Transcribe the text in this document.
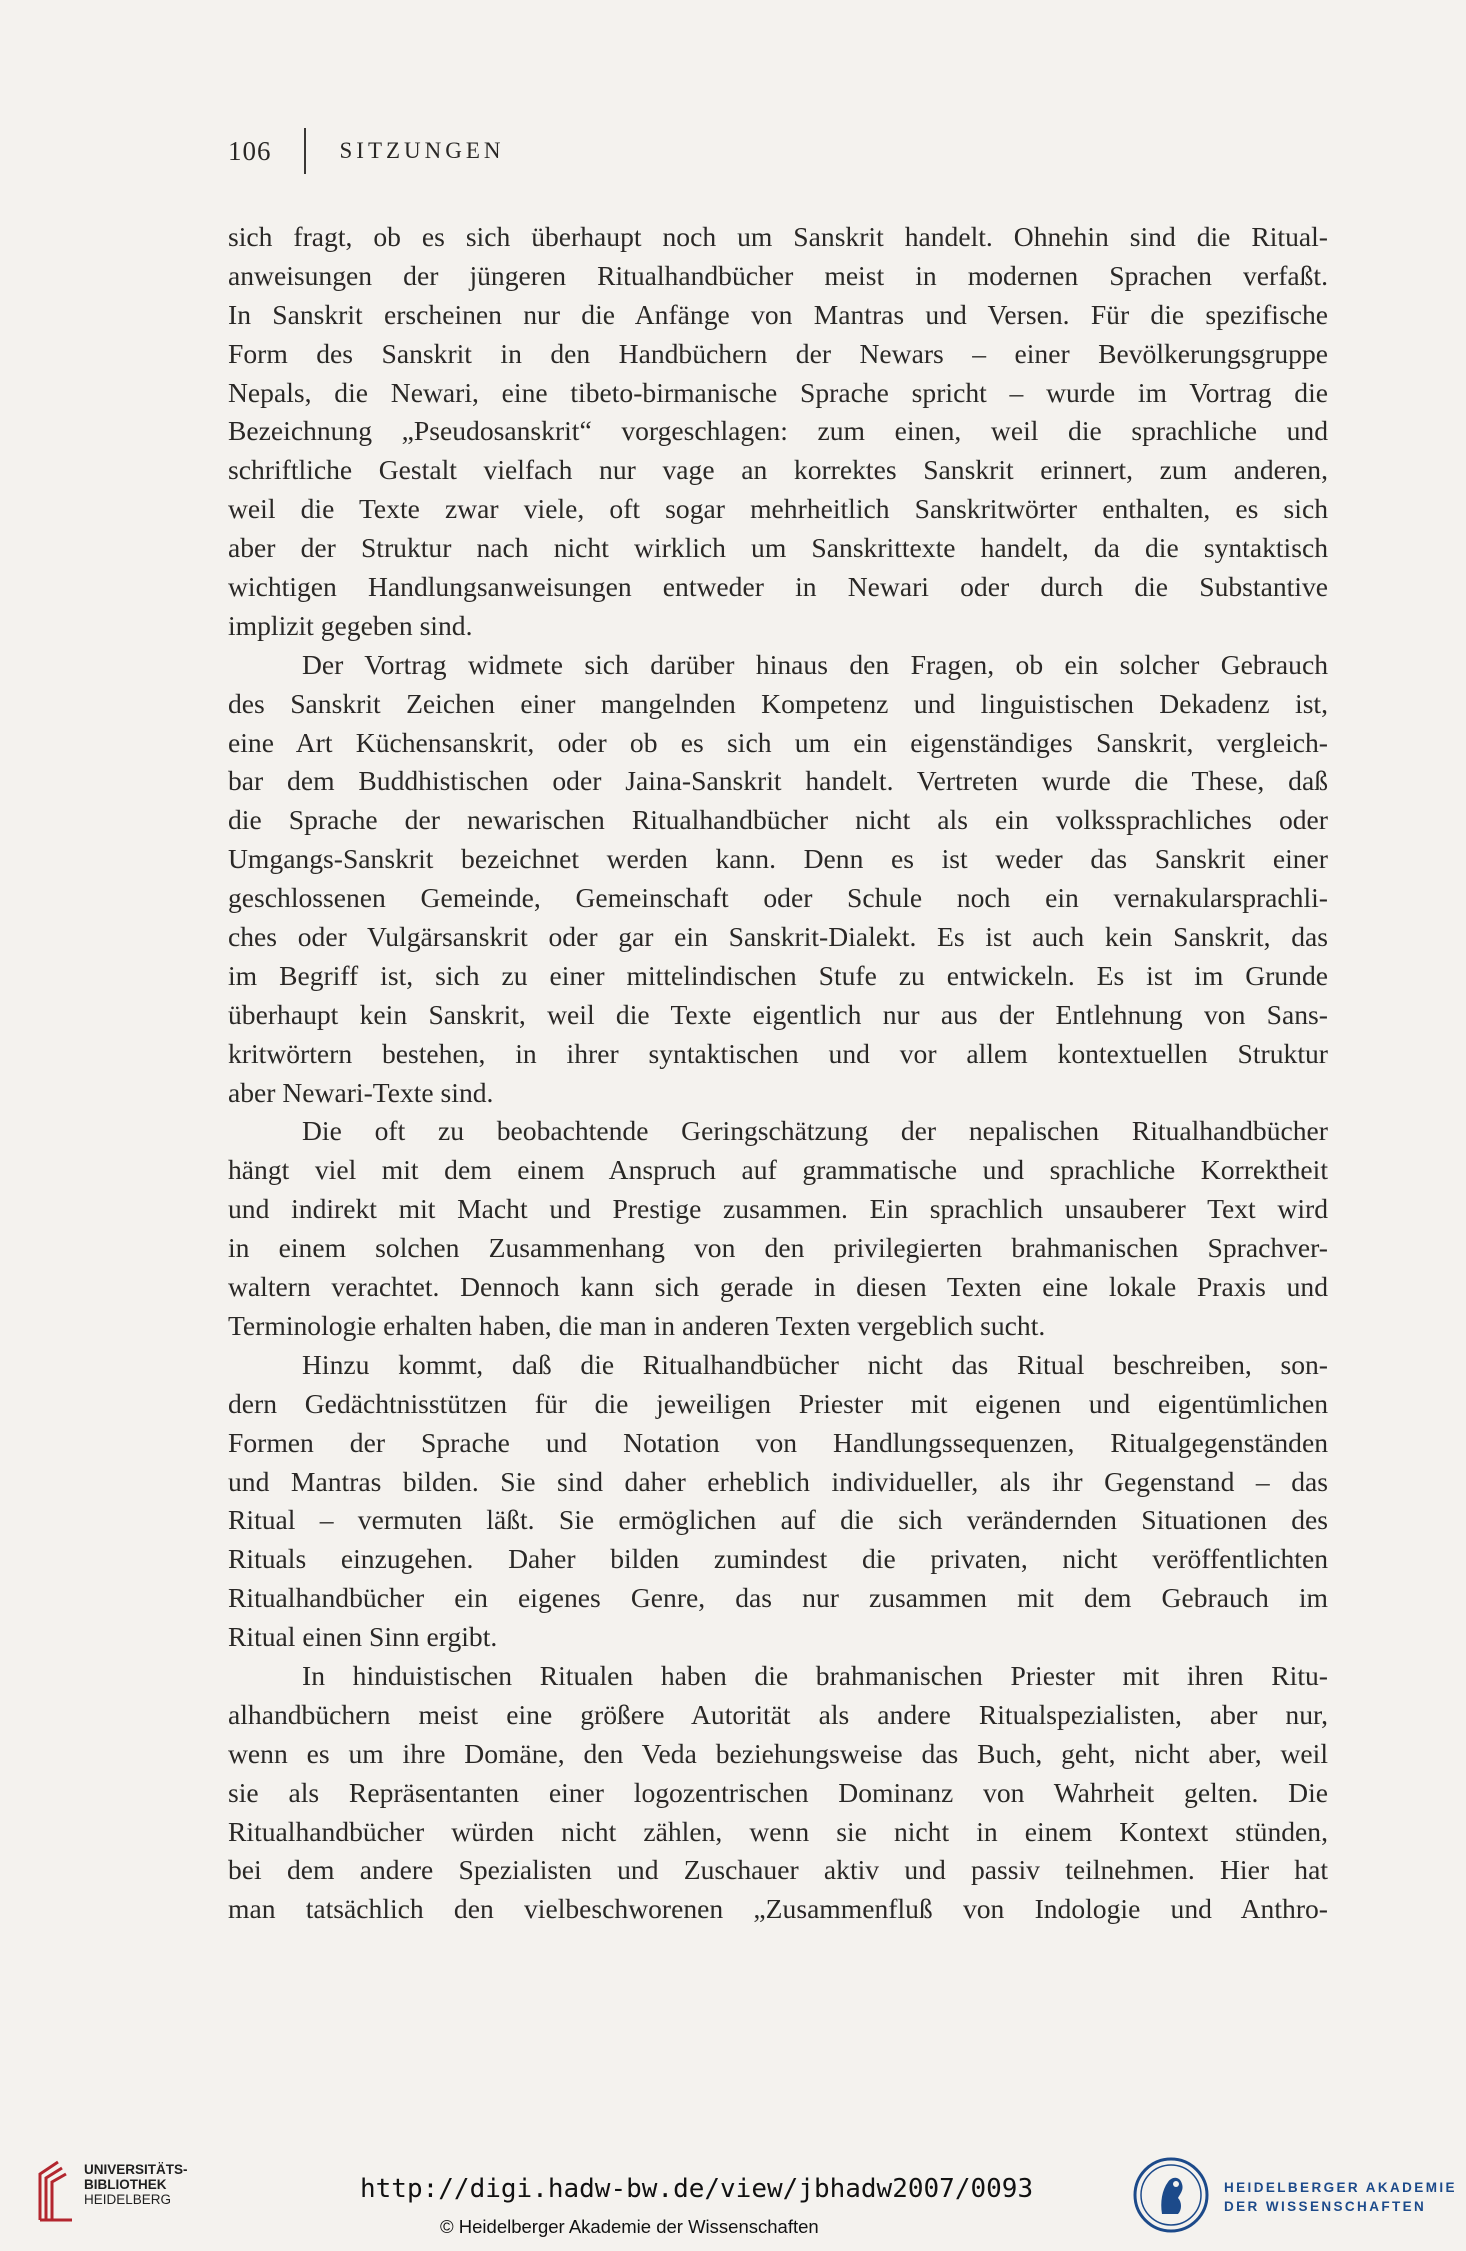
106	SITZUNGEN
sich fragt, ob es sich überhaupt noch um Sanskrit handelt. Ohnehin sind die Ritual-
anweisungen der jüngeren Ritualhandbücher meist in modernen Sprachen verfaßt.
In Sanskrit erscheinen nur die Anfänge von Mantras und Versen. Für die spezifische
Form des Sanskrit in den Handbüchern der Newars – einer Bevölkerungsgruppe
Nepals, die Newari, eine tibeto-birmanische Sprache spricht – wurde im Vortrag die
Bezeichnung „Pseudosanskrit“ vorgeschlagen: zum einen, weil die sprachliche und
schriftliche Gestalt vielfach nur vage an korrektes Sanskrit erinnert, zum anderen,
weil die Texte zwar viele, oft sogar mehrheitlich Sanskritwörter enthalten, es sich
aber der Struktur nach nicht wirklich um Sanskrittexte handelt, da die syntaktisch
wichtigen Handlungsanweisungen entweder in Newari oder durch die Substantive
implizit gegeben sind.
Der Vortrag widmete sich darüber hinaus den Fragen, ob ein solcher Gebrauch
des Sanskrit Zeichen einer mangelnden Kompetenz und linguistischen Dekadenz ist,
eine Art Küchensanskrit, oder ob es sich um ein eigenständiges Sanskrit, vergleich-
bar dem Buddhistischen oder Jaina-Sanskrit handelt. Vertreten wurde die These, daß
die Sprache der newarischen Ritualhandbücher nicht als ein volkssprachliches oder
Umgangs-Sanskrit bezeichnet werden kann. Denn es ist weder das Sanskrit einer
geschlossenen Gemeinde, Gemeinschaft oder Schule noch ein vernakularsprachli-
ches oder Vulgärsanskrit oder gar ein Sanskrit-Dialekt. Es ist auch kein Sanskrit, das
im Begriff ist, sich zu einer mittelindischen Stufe zu entwickeln. Es ist im Grunde
überhaupt kein Sanskrit, weil die Texte eigentlich nur aus der Entlehnung von Sans-
kritwörtern bestehen, in ihrer syntaktischen und vor allem kontextuellen Struktur
aber Newari-Texte sind.
Die oft zu beobachtende Geringschätzung der nepalischen Ritualhandbücher
hängt viel mit dem einem Anspruch auf grammatische und sprachliche Korrektheit
und indirekt mit Macht und Prestige zusammen. Ein sprachlich unsauberer Text wird
in einem solchen Zusammenhang von den privilegierten brahmanischen Sprachver-
waltern verachtet. Dennoch kann sich gerade in diesen Texten eine lokale Praxis und
Terminologie erhalten haben, die man in anderen Texten vergeblich sucht.
Hinzu kommt, daß die Ritualhandbücher nicht das Ritual beschreiben, son-
dern Gedächtnisstützen für die jeweiligen Priester mit eigenen und eigentümlichen
Formen der Sprache und Notation von Handlungssequenzen, Ritualgegenständen
und Mantras bilden. Sie sind daher erheblich individueller, als ihr Gegenstand – das
Ritual – vermuten läßt. Sie ermöglichen auf die sich verändernden Situationen des
Rituals einzugehen. Daher bilden zumindest die privaten, nicht veröffentlichten
Ritualhandbücher ein eigenes Genre, das nur zusammen mit dem Gebrauch im
Ritual einen Sinn ergibt.
In hinduistischen Ritualen haben die brahmanischen Priester mit ihren Ritu-
alhandbüchern meist eine größere Autorität als andere Ritualspezialisten, aber nur,
wenn es um ihre Domäne, den Veda beziehungsweise das Buch, geht, nicht aber, weil
sie als Repräsentanten einer logozentrischen Dominanz von Wahrheit gelten. Die
Ritualhandbücher würden nicht zählen, wenn sie nicht in einem Kontext stünden,
bei dem andere Spezialisten und Zuschauer aktiv und passiv teilnehmen. Hier hat
man tatsächlich den vielbeschworenen „Zusammenfluß von Indologie und Anthro-
UNIVERSITÄTS-
BIBLIOTHEK
HEIDELBERG	http://digi.hadw-bw.de/view/jbhadw2007/0093
© Heidelberger Akademie der Wissenschaften
HEIDELBERGER AKADEMIE
DER WISSENSCHAFTEN
